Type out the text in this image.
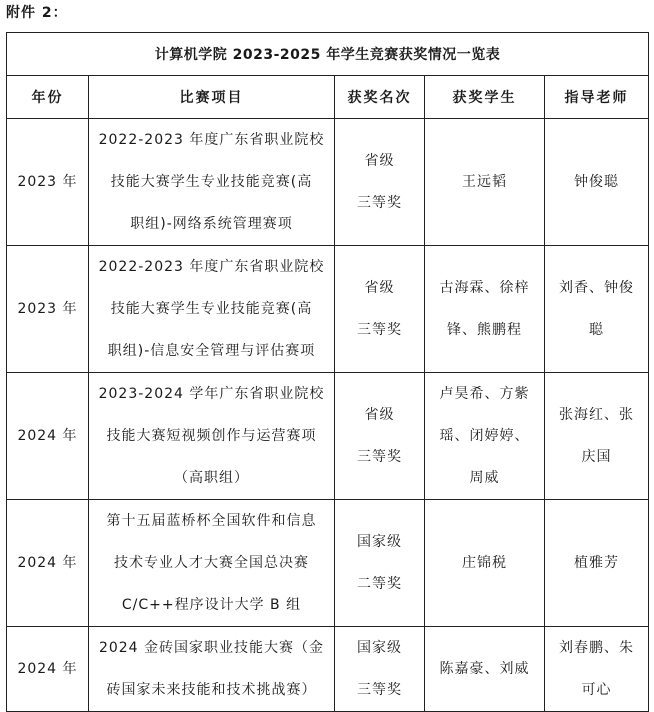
附件 2：
计算机学院 2023-2025 年学生竞赛获奖情况一览表				
年份	比赛项目	获奖名次	获奖学生	指导老师
2023 年	2022-2023 年度广东省职业院校
技能大赛学生专业技能竞赛(高
职组)-网络系统管理赛项	省级
三等奖	王远韬	钟俊聪

2023 年	2022-2023 年度广东省职业院校
技能大赛学生专业技能竞赛(高
职组)-信息安全管理与评估赛项	省级
三等奖	古海霖、徐梓
锋、熊鹏程	刘香、钟俊
聪

2024 年	2023-2024 学年广东省职业院校
技能大赛短视频创作与运营赛项
（高职组）	省级
三等奖	卢昊希、方紫
瑶、闭婷婷、
周威	张海红、张
庆国

2024 年	第十五届蓝桥杯全国软件和信息
技术专业人才大赛全国总决赛
C/C++程序设计大学 B 组	国家级
二等奖	庄锦税	植雅芳

2024 年	2024 金砖国家职业技能大赛（金
砖国家未来技能和技术挑战赛）	国家级
三等奖	陈嘉豪、刘威	刘春鹏、朱
可心
